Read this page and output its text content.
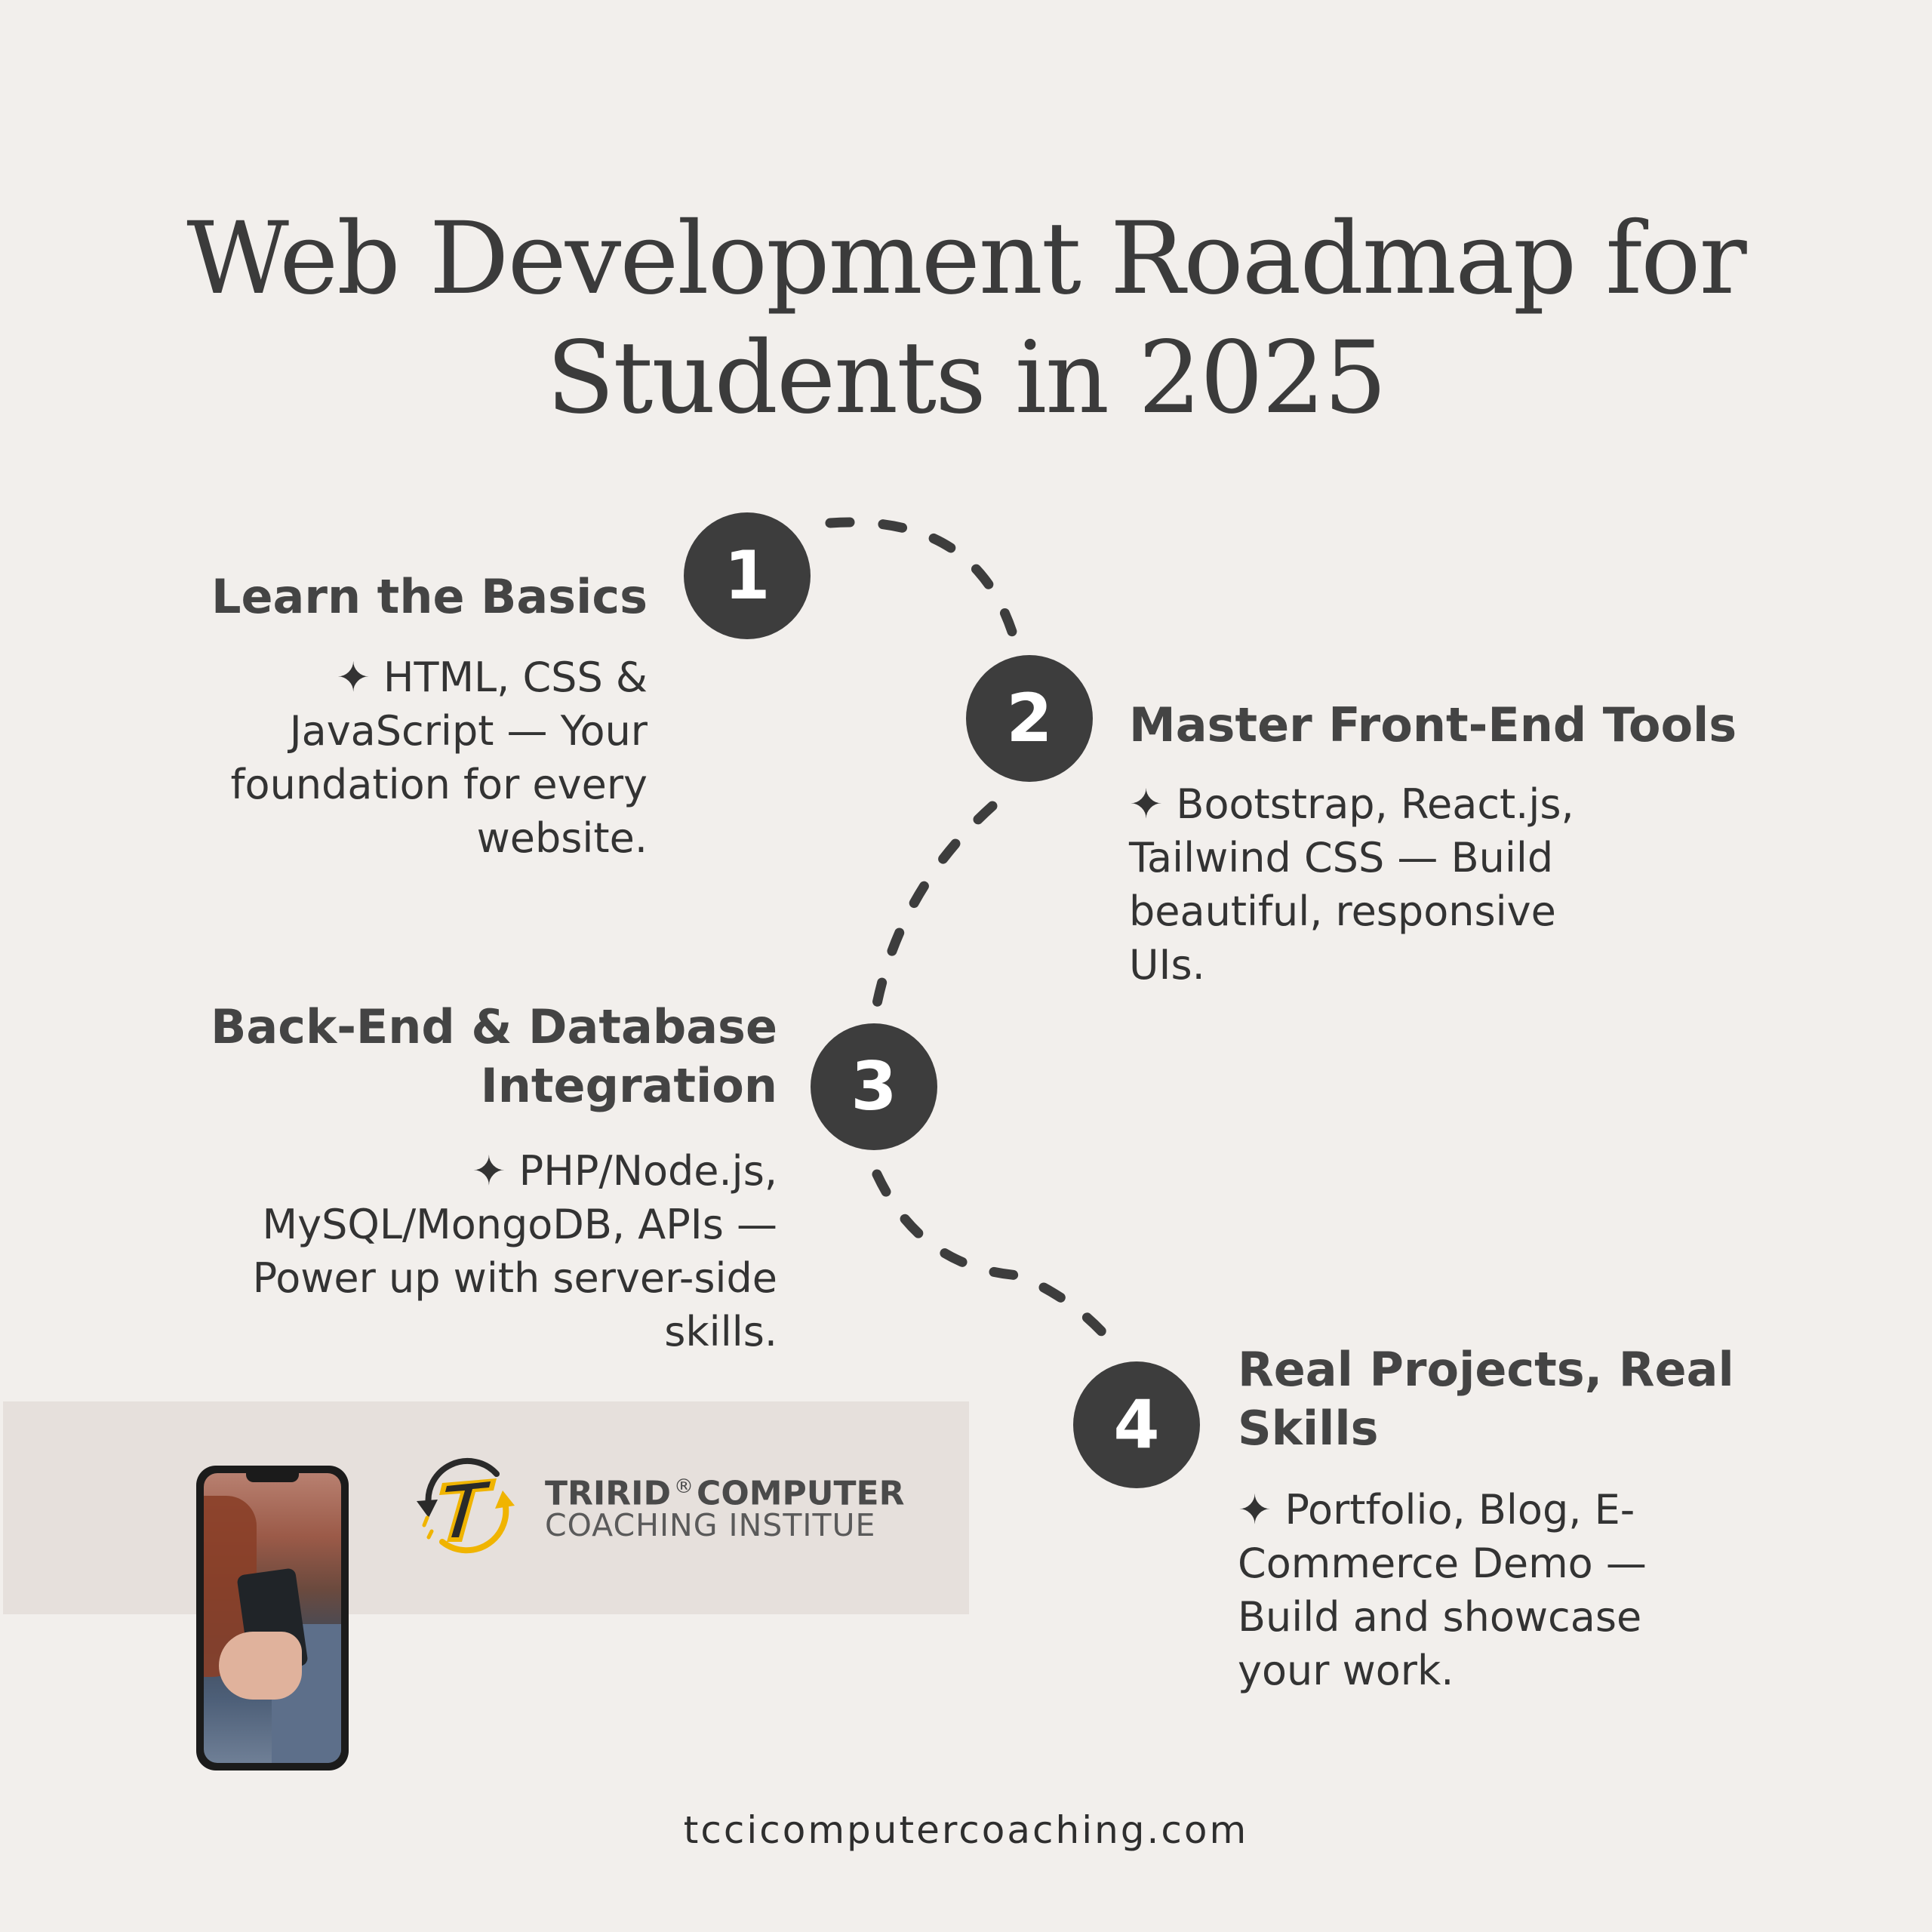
Web Development Roadmap for
Students in 2025
1
Learn the Basics
✦ HTML, CSS &
JavaScript — Your
foundation for every
website.
2	Master Front-End Tools
✦ Bootstrap, React.js,
Tailwind CSS — Build
beautiful, responsive
UIs.
3
Back-End & Database
Integration
✦ PHP/Node.js,
MySQL/MongoDB, APIs —
Power up with server-side
skills.
4
Real Projects, Real
Skills
✦ Portfolio, Blog, E-
Commerce Demo —
Build and showcase
your work.
TRIRID ®COMPUTER
COACHING INSTITUE
tccicomputercoaching.com
